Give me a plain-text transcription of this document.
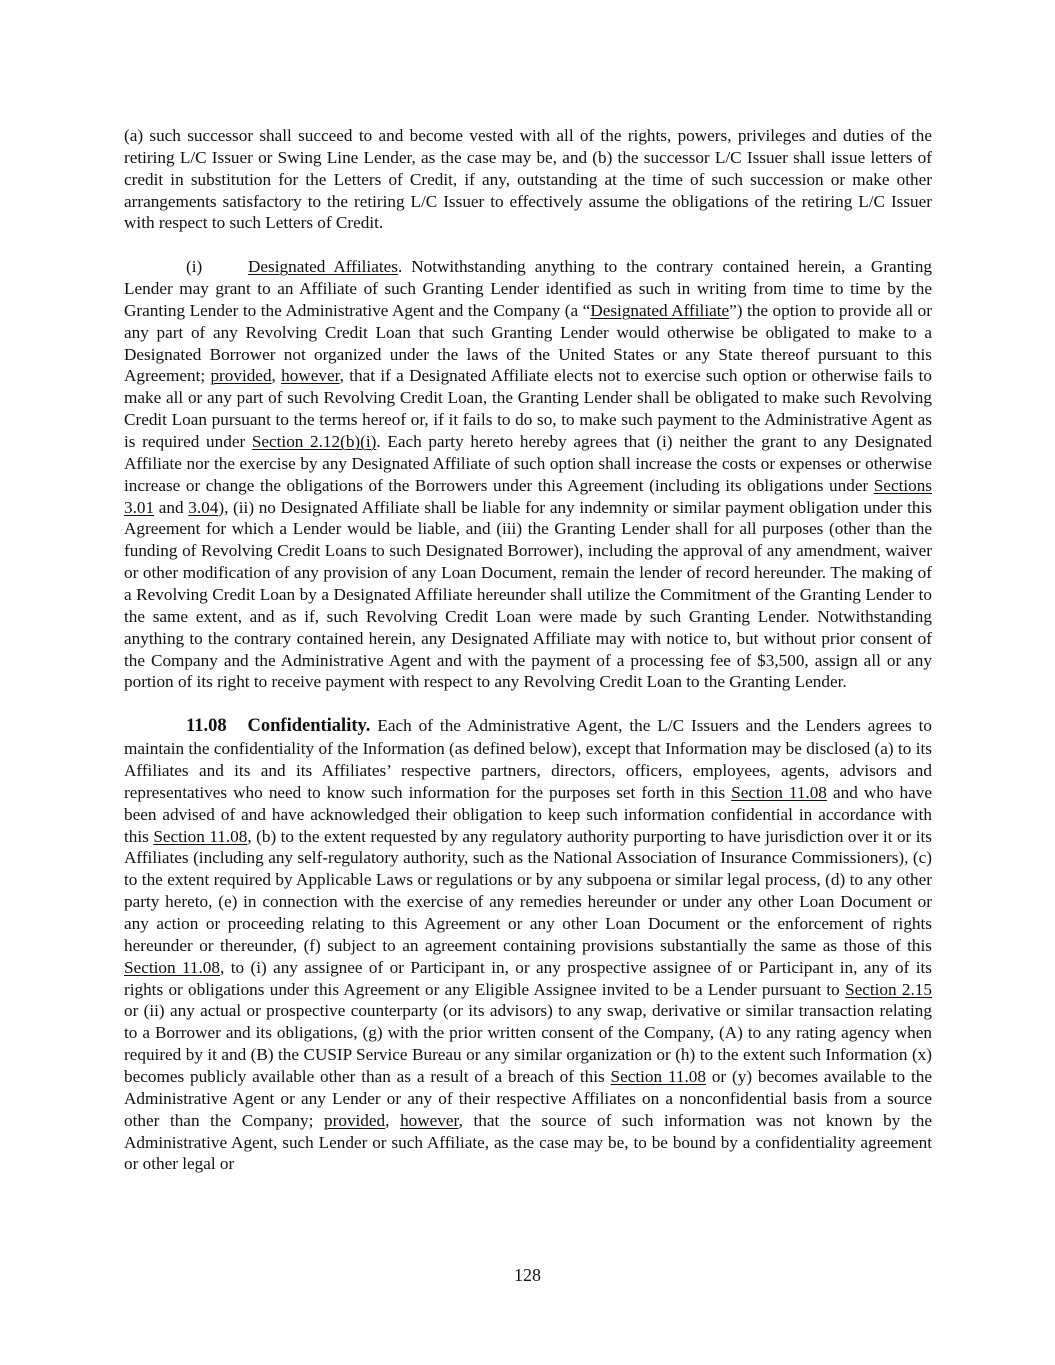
(a) such successor shall succeed to and become vested with all of the rights, powers, privileges and duties of the retiring L/C Issuer or Swing Line Lender, as the case may be, and (b) the successor L/C Issuer shall issue letters of credit in substitution for the Letters of Credit, if any, outstanding at the time of such succession or make other arrangements satisfactory to the retiring L/C Issuer to effectively assume the obligations of the retiring L/C Issuer with respect to such Letters of Credit.

(i)	Designated Affiliates. Notwithstanding anything to the contrary contained herein, a Granting Lender may grant to an Affiliate of such Granting Lender identified as such in writing from time to time by the Granting Lender to the Administrative Agent and the Company (a “Designated Affiliate”) the option to provide all or any part of any Revolving Credit Loan that such Granting Lender would otherwise be obligated to make to a Designated Borrower not organized under the laws of the United States or any State thereof pursuant to this Agreement; provided, however, that if a Designated Affiliate elects not to exercise such option or otherwise fails to make all or any part of such Revolving Credit Loan, the Granting Lender shall be obligated to make such Revolving Credit Loan pursuant to the terms hereof or, if it fails to do so, to make such payment to the Administrative Agent as is required under Section 2.12(b)(i). Each party hereto hereby agrees that (i) neither the grant to any Designated Affiliate nor the exercise by any Designated Affiliate of such option shall increase the costs or expenses or otherwise increase or change the obligations of the Borrowers under this Agreement (including its obligations under Sections 3.01 and 3.04), (ii) no Designated Affiliate shall be liable for any indemnity or similar payment obligation under this Agreement for which a Lender would be liable, and (iii) the Granting Lender shall for all purposes (other than the funding of Revolving Credit Loans to such Designated Borrower), including the approval of any amendment, waiver or other modification of any provision of any Loan Document, remain the lender of record hereunder. The making of a Revolving Credit Loan by a Designated Affiliate hereunder shall utilize the Commitment of the Granting Lender to the same extent, and as if, such Revolving Credit Loan were made by such Granting Lender. Notwithstanding anything to the contrary contained herein, any Designated Affiliate may with notice to, but without prior consent of the Company and the Administrative Agent and with the payment of a processing fee of $3,500, assign all or any portion of its right to receive payment with respect to any Revolving Credit Loan to the Granting Lender.

11.08 Confidentiality. Each of the Administrative Agent, the L/C Issuers and the Lenders agrees to maintain the confidentiality of the Information (as defined below), except that Information may be disclosed (a) to its Affiliates and its and its Affiliates’ respective partners, directors, officers, employees, agents, advisors and representatives who need to know such information for the purposes set forth in this Section 11.08 and who have been advised of and have acknowledged their obligation to keep such information confidential in accordance with this Section 11.08, (b) to the extent requested by any regulatory authority purporting to have jurisdiction over it or its Affiliates (including any self-regulatory authority, such as the National Association of Insurance Commissioners), (c) to the extent required by Applicable Laws or regulations or by any subpoena or similar legal process, (d) to any other party hereto, (e) in connection with the exercise of any remedies hereunder or under any other Loan Document or any action or proceeding relating to this Agreement or any other Loan Document or the enforcement of rights hereunder or thereunder, (f) subject to an agreement containing provisions substantially the same as those of this Section 11.08, to (i) any assignee of or Participant in, or any prospective assignee of or Participant in, any of its rights or obligations under this Agreement or any Eligible Assignee invited to be a Lender pursuant to Section 2.15 or (ii) any actual or prospective counterparty (or its advisors) to any swap, derivative or similar transaction relating to a Borrower and its obligations, (g) with the prior written consent of the Company, (A) to any rating agency when required by it and (B) the CUSIP Service Bureau or any similar organization or (h) to the extent such Information (x) becomes publicly available other than as a result of a breach of this Section 11.08 or (y) becomes available to the Administrative Agent or any Lender or any of their respective Affiliates on a nonconfidential basis from a source other than the Company; provided, however, that the source of such information was not known by the Administrative Agent, such Lender or such Affiliate, as the case may be, to be bound by a confidentiality agreement or other legal or

128
